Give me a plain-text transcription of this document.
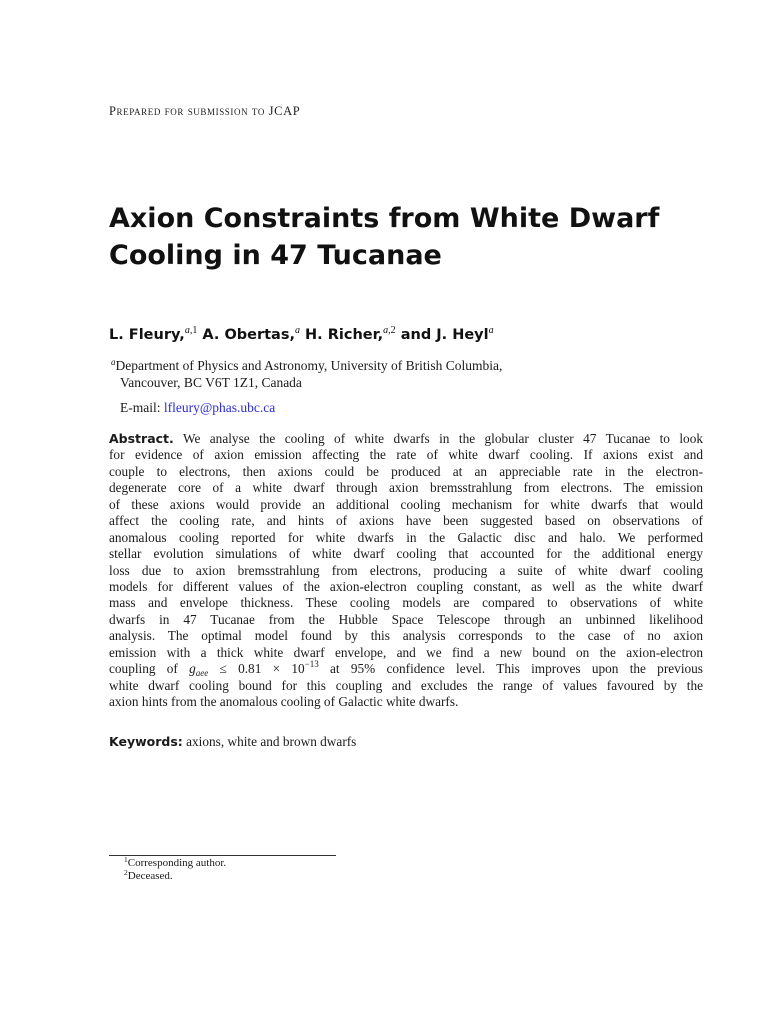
Prepared for submission to JCAP
Axion Constraints from White Dwarf
Cooling in 47 Tucanae
L. Fleury,$^{a,1}$ A. Obertas,$^a$ H. Richer,$^{a,2}$ and J. Heyl$^a$
$^a$Department of Physics and Astronomy, University of British Columbia,
Vancouver, BC V6T 1Z1, Canada
E-mail: lfleury@phas.ubc.ca
Abstract. We analyse the cooling of white dwarfs in the globular cluster 47 Tucanae to look
for evidence of axion emission affecting the rate of white dwarf cooling. If axions exist and
couple to electrons, then axions could be produced at an appreciable rate in the electron-
degenerate core of a white dwarf through axion bremsstrahlung from electrons. The emission
of these axions would provide an additional cooling mechanism for white dwarfs that would
affect the cooling rate, and hints of axions have been suggested based on observations of
anomalous cooling reported for white dwarfs in the Galactic disc and halo. We performed
stellar evolution simulations of white dwarf cooling that accounted for the additional energy
loss due to axion bremsstrahlung from electrons, producing a suite of white dwarf cooling
models for different values of the axion-electron coupling constant, as well as the white dwarf
mass and envelope thickness. These cooling models are compared to observations of white
dwarfs in 47 Tucanae from the Hubble Space Telescope through an unbinned likelihood
analysis. The optimal model found by this analysis corresponds to the case of no axion
emission with a thick white dwarf envelope, and we find a new bound on the axion-electron
coupling of $g_{aee} \le 0.81 \times 10^{-13}$ at 95% confidence level. This improves upon the previous
white dwarf cooling bound for this coupling and excludes the range of values favoured by the
axion hints from the anomalous cooling of Galactic white dwarfs.
Keywords: axions, white and brown dwarfs
$^1$Corresponding author.
$^2$Deceased.
